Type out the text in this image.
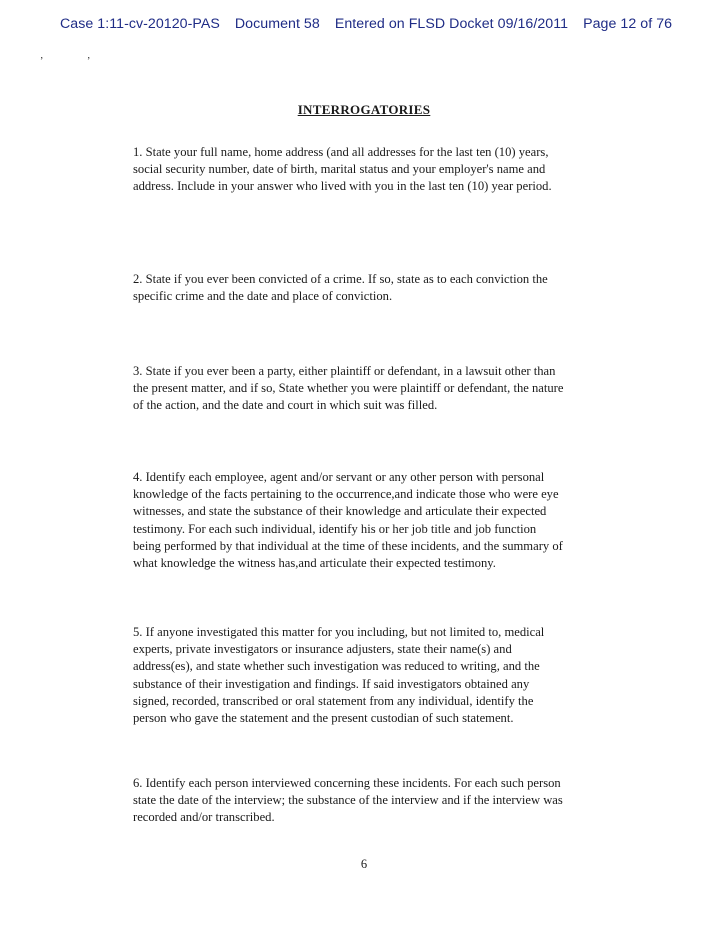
Case 1:11-cv-20120-PAS Document 58 Entered on FLSD Docket 09/16/2011 Page 12 of 76
’	’
INTERROGATORIES
1. State your full name, home address (and all addresses for the last ten (10) years,
social security number, date of birth, marital status and your employer's name and
address. Include in your answer who lived with you in the last ten (10) year period.
2. State if you ever been convicted of a crime. If so, state as to each conviction the
specific crime and the date and place of conviction.
3. State if you ever been a party, either plaintiff or defendant, in a lawsuit other than
the present matter, and if so, State whether you were plaintiff or defendant, the nature
of the action, and the date and court in which suit was filled.
4. Identify each employee, agent and/or servant or any other person with personal
knowledge of the facts pertaining to the occurrence,and indicate those who were eye
witnesses, and state the substance of their knowledge and articulate their expected
testimony. For each such individual, identify his or her job title and job function
being performed by that individual at the time of these incidents, and the summary of
what knowledge the witness has,and articulate their expected testimony.
5. If anyone investigated this matter for you including, but not limited to, medical
experts, private investigators or insurance adjusters, state their name(s) and
address(es), and state whether such investigation was reduced to writing, and the
substance of their investigation and findings. If said investigators obtained any
signed, recorded, transcribed or oral statement from any individual, identify the
person who gave the statement and the present custodian of such statement.
6. Identify each person interviewed concerning these incidents. For each such person
state the date of the interview; the substance of the interview and if the interview was
recorded and/or transcribed.
6
